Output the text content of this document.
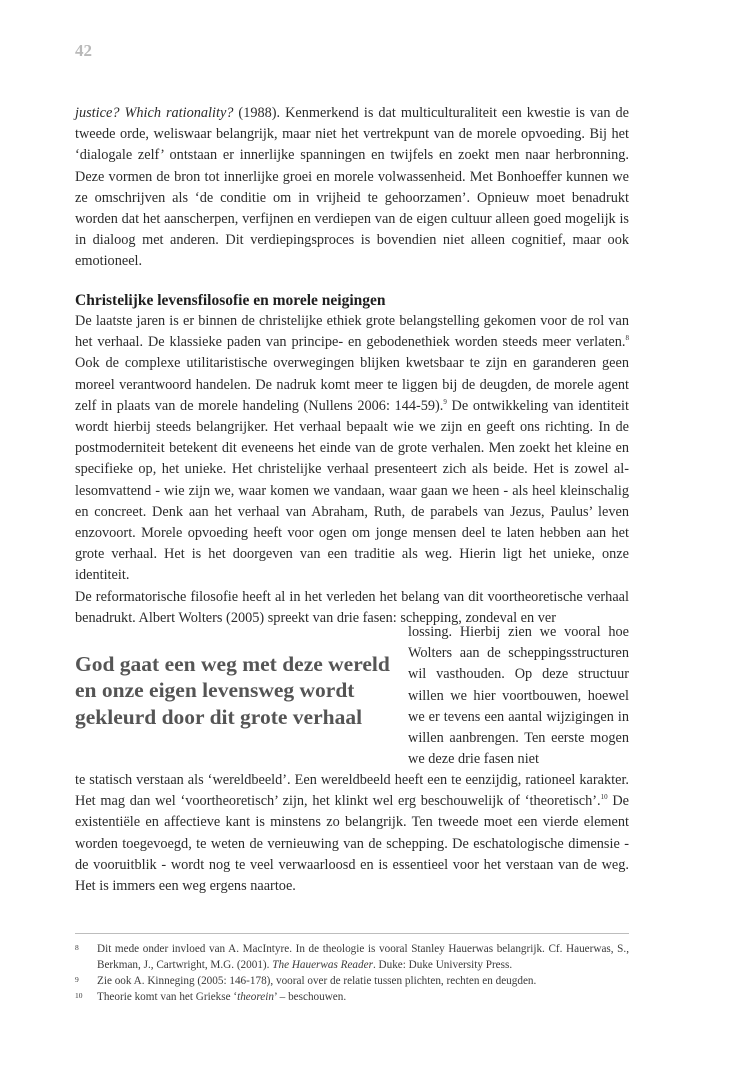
42

justice? Which rationality? (1988). Kenmerkend is dat multiculturaliteit een kwestie is van de tweede orde, weliswaar belangrijk, maar niet het vertrekpunt van de morele opvoeding. Bij het ‘dialogale zelf’ ontstaan er innerlijke spanningen en twijfels en zoekt men naar herbronning. Deze vormen de bron tot innerlijke groei en morele volwassenheid. Met Bonhoeffer kunnen we ze omschrijven als ‘de conditie om in vrijheid te gehoorzamen’. Opnieuw moet benadrukt worden dat het aanscherpen, verfijnen en verdiepen van de eigen cultuur alleen goed mogelijk is in dialoog met anderen. Dit verdiepingsproces is bovendien niet alleen cognitief, maar ook emotioneel.

Christelijke levensfilosofie en morele neigingen

De laatste jaren is er binnen de christelijke ethiek grote belangstelling gekomen voor de rol van het verhaal. De klassieke paden van principe- en gebodenethiek worden steeds meer verlaten.$^8$ Ook de complexe utilitaristische overwegingen blijken kwetsbaar te zijn en garanderen geen moreel verantwoord handelen. De nadruk komt meer te liggen bij de deugden, de morele agent zelf in plaats van de morele handeling (Nullens 2006: 144-59).$^9$ De ontwikkeling van identiteit wordt hierbij steeds belangrijker. Het verhaal bepaalt wie we zijn en geeft ons richting. In de postmoderniteit betekent dit eveneens het einde van de grote verhalen. Men zoekt het kleine en specifieke op, het unieke. Het christelijke verhaal presenteert zich als beide. Het is zowel allesomvattend - wie zijn we, waar komen we vandaan, waar gaan we heen - als heel kleinschalig en concreet. Denk aan het verhaal van Abraham, Ruth, de parabels van Jezus, Paulus’ leven enzovoort. Morele opvoeding heeft voor ogen om jonge mensen deel te laten hebben aan het grote verhaal. Het is het doorgeven van een traditie als weg. Hierin ligt het unieke, onze identiteit.

De reformatorische filosofie heeft al in het verleden het belang van dit voortheoretische verhaal benadrukt. Albert Wolters (2005) spreekt van drie fasen: schepping, zondeval en ver

God gaat een weg met deze wereld en onze eigen levensweg wordt gekleurd door dit grote verhaal

lossing. Hierbij zien we vooral hoe Wolters aan de scheppingsstructuren wil vasthouden. Op deze structuur willen we hier voortbouwen, hoewel we er tevens een aantal wijzigingen in willen aanbrengen. Ten eerste mogen we deze drie fasen niet

te statisch verstaan als ‘wereldbeeld’. Een wereldbeeld heeft een te eenzijdig, rationeel karakter. Het mag dan wel ‘voortheoretisch’ zijn, het klinkt wel erg beschouwelijk of ‘theoretisch’.$^{10}$ De existentiële en affectieve kant is minstens zo belangrijk. Ten tweede moet een vierde element worden toegevoegd, te weten de vernieuwing van de schepping. De eschatologische dimensie - de vooruitblik - wordt nog te veel verwaarloosd en is essentieel voor het verstaan van de weg. Het is immers een weg ergens naartoe.

8	Dit mede onder invloed van A. MacIntyre. In de theologie is vooral Stanley Hauerwas belangrijk. Cf. Hauerwas, S., Berkman, J., Cartwright, M.G. (2001). The Hauerwas Reader. Duke: Duke University Press.
9	Zie ook A. Kinneging (2005: 146-178), vooral over de relatie tussen plichten, rechten en deugden.
10	Theorie komt van het Griekse ‘theorein’ – beschouwen.
